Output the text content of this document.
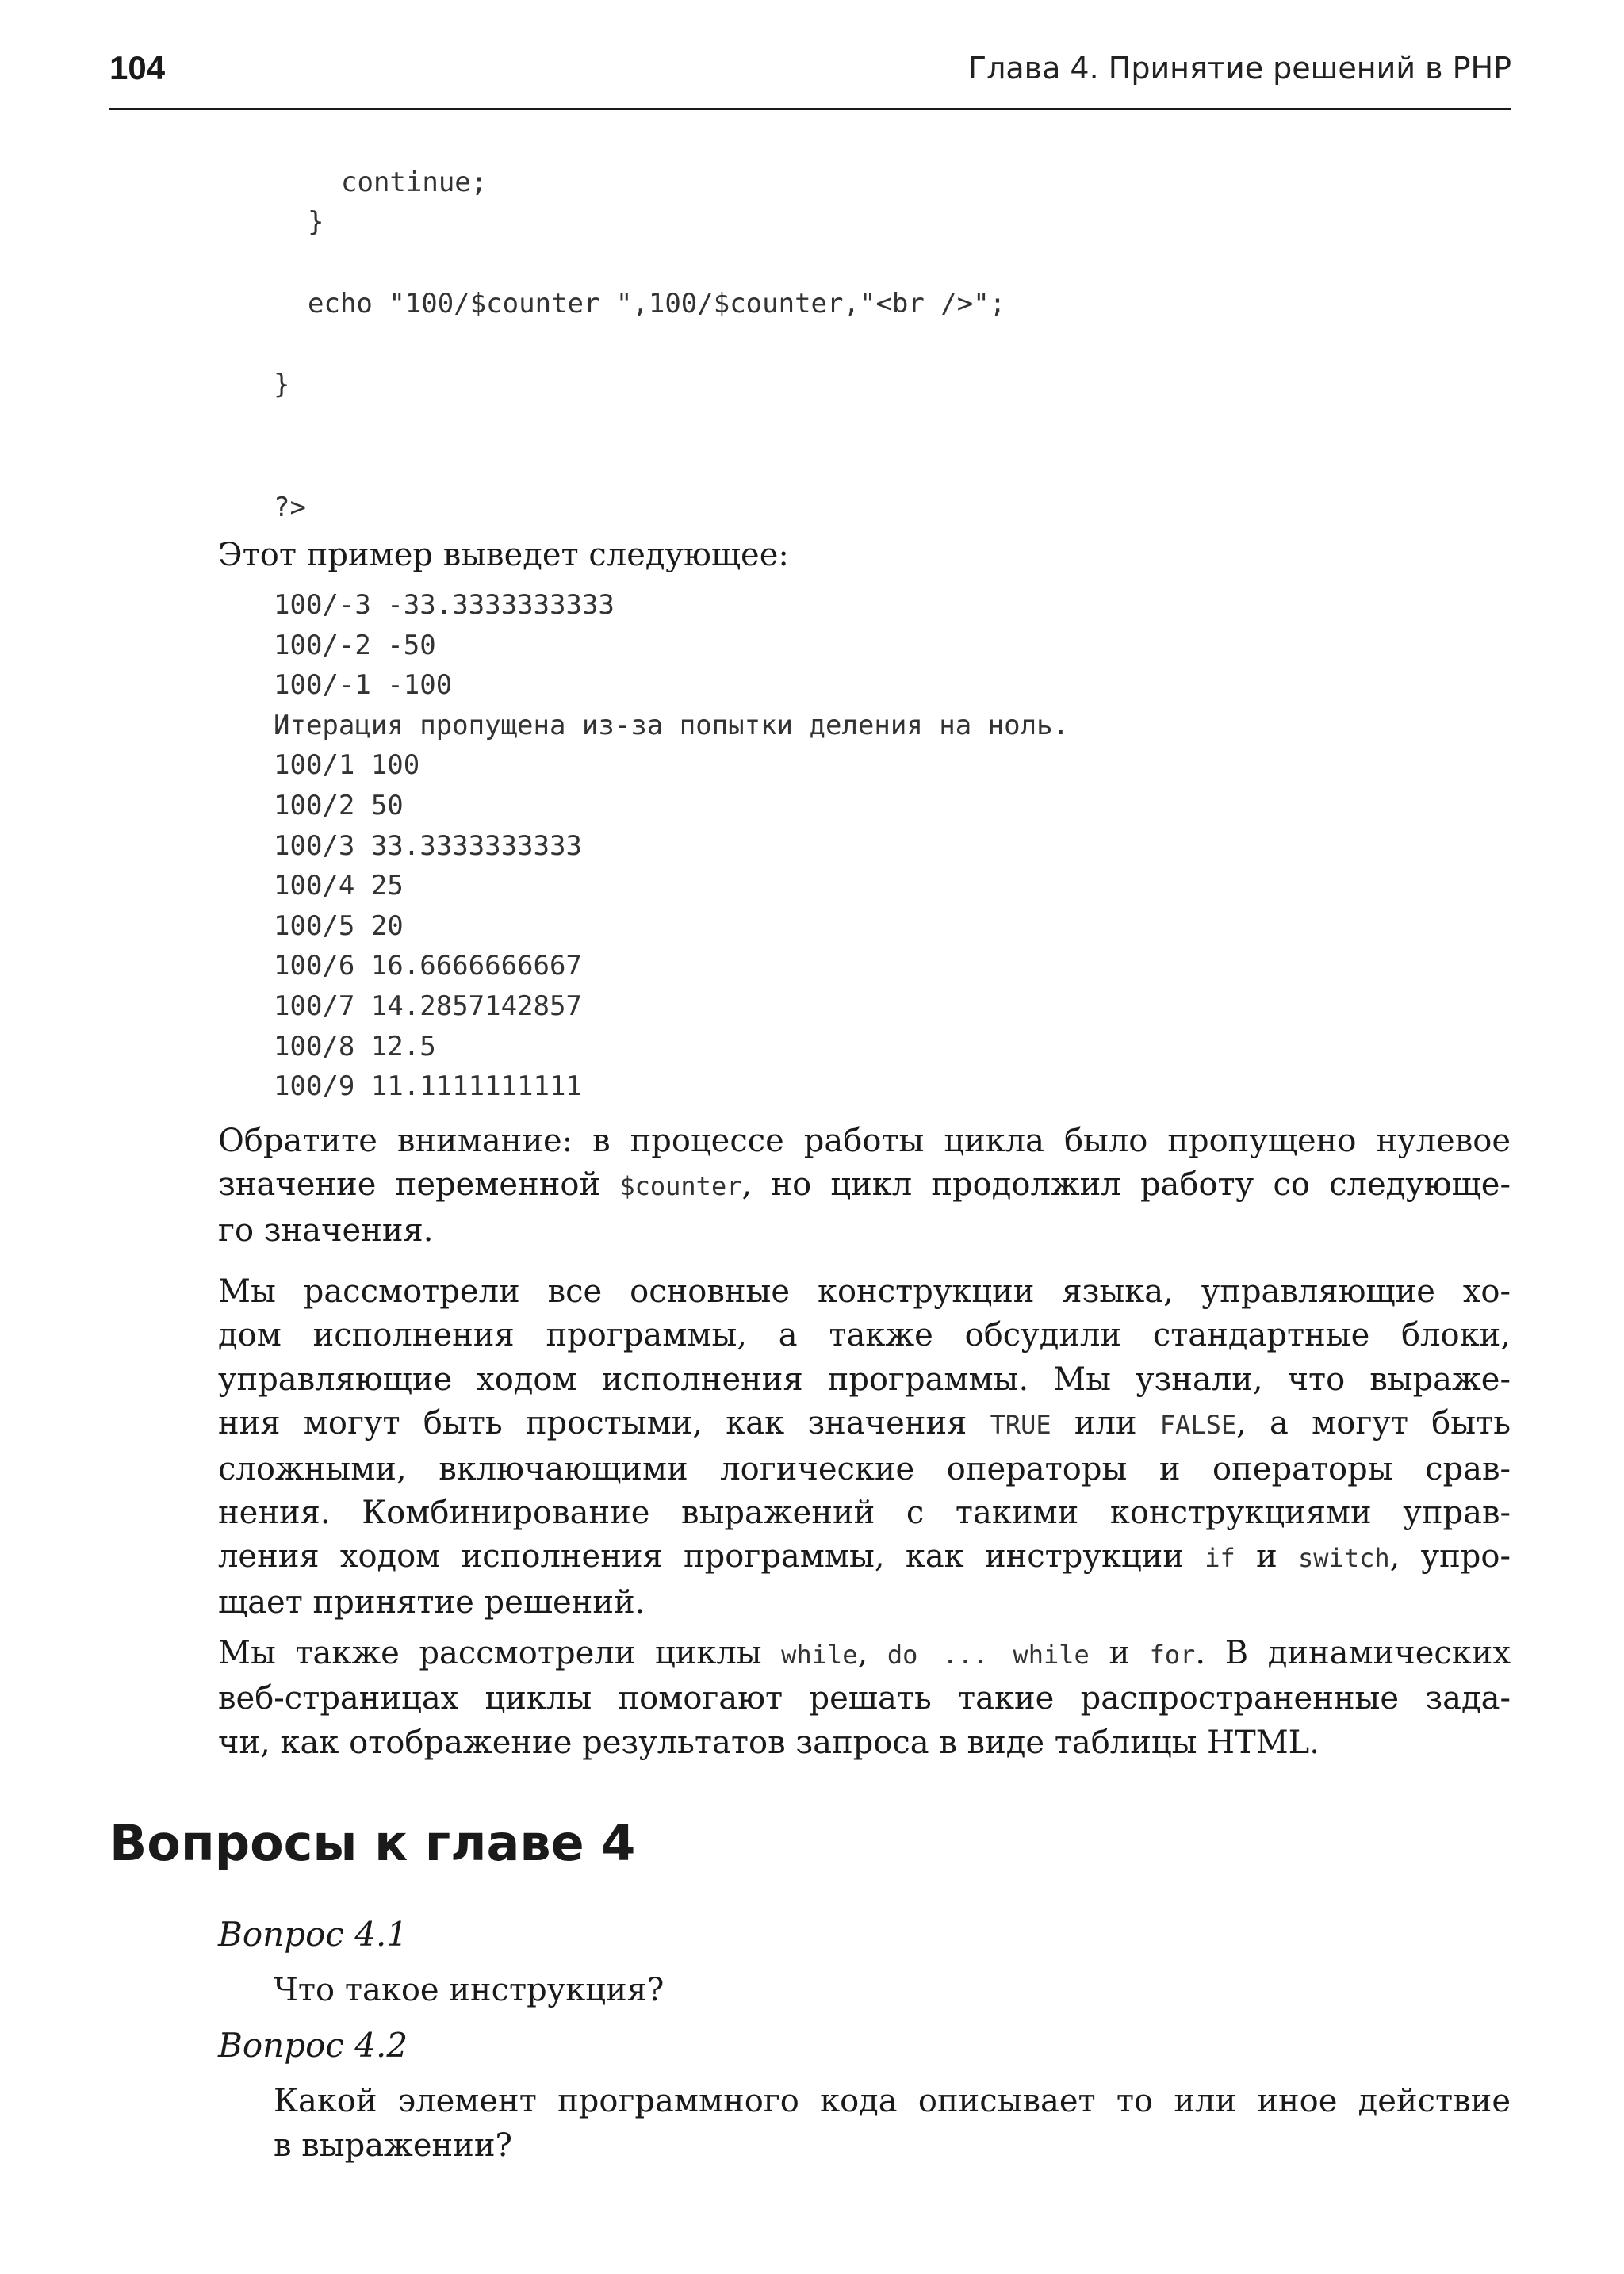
104	Глава 4. Принятие решений в PHP
continue;
}
echo "100/$counter ",100/$counter,"<br />";
}
?>
Этот пример выведет следующее:
100/-3 -33.3333333333
100/-2 -50
100/-1 -100
Итерация пропущена из-за попытки деления на ноль.
100/1 100
100/2 50
100/3 33.3333333333
100/4 25
100/5 20
100/6 16.6666666667
100/7 14.2857142857
100/8 12.5
100/9 11.1111111111

Обратите внимание: в процессе работы цикла было пропущено нулевое
значение переменной $counter, но цикл продолжил работу со следующе-
го значения.

Мы рассмотрели все основные конструкции языка, управляющие хо-
дом исполнения программы, а также обсудили стандартные блоки,
управляющие ходом исполнения программы. Мы узнали, что выраже-
ния могут быть простыми, как значения TRUE или FALSE, а могут быть
сложными, включающими логические операторы и операторы срав-
нения. Комбинирование выражений с такими конструкциями управ-
ления ходом исполнения программы, как инструкции if и switch, упро-
щает принятие решений.

Мы также рассмотрели циклы while, do ... while и for. В динамических
веб-страницах циклы помогают решать такие распространенные зада-
чи, как отображение результатов запроса в виде таблицы HTML.

Вопросы к главе 4
Вопрос 4.1
Что такое инструкция?
Вопрос 4.2
Какой элемент программного кода описывает то или иное действие
в выражении?
